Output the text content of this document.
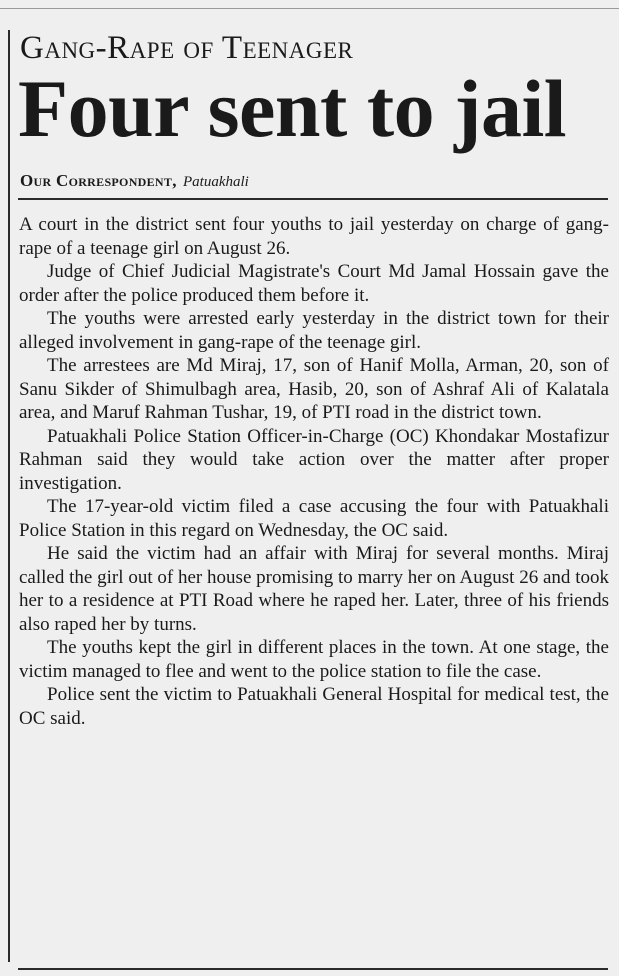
Gang-Rape of Teenager
Four sent to jail
Our Correspondent, Patuakhali

A court in the district sent four youths to jail yesterday on charge of gang-rape of a teenage girl on August 26.

Judge of Chief Judicial Magistrate's Court Md Jamal Hossain gave the order after the police produced them before it.

The youths were arrested early yesterday in the district town for their alleged involvement in gang-rape of the teenage girl.

The arrestees are Md Miraj, 17, son of Hanif Molla, Arman, 20, son of Sanu Sikder of Shimulbagh area, Hasib, 20, son of Ashraf Ali of Kalatala area, and Maruf Rahman Tushar, 19, of PTI road in the district town.

Patuakhali Police Station Officer-in-Charge (OC) Khondakar Mostafizur Rahman said they would take action over the matter after proper investigation.

The 17-year-old victim filed a case accusing the four with Patuakhali Police Station in this regard on Wednesday, the OC said.

He said the victim had an affair with Miraj for several months. Miraj called the girl out of her house promising to marry her on August 26 and took her to a residence at PTI Road where he raped her. Later, three of his friends also raped her by turns.

The youths kept the girl in different places in the town. At one stage, the victim managed to flee and went to the police station to file the case.

Police sent the victim to Patuakhali General Hospital for medical test, the OC said.
